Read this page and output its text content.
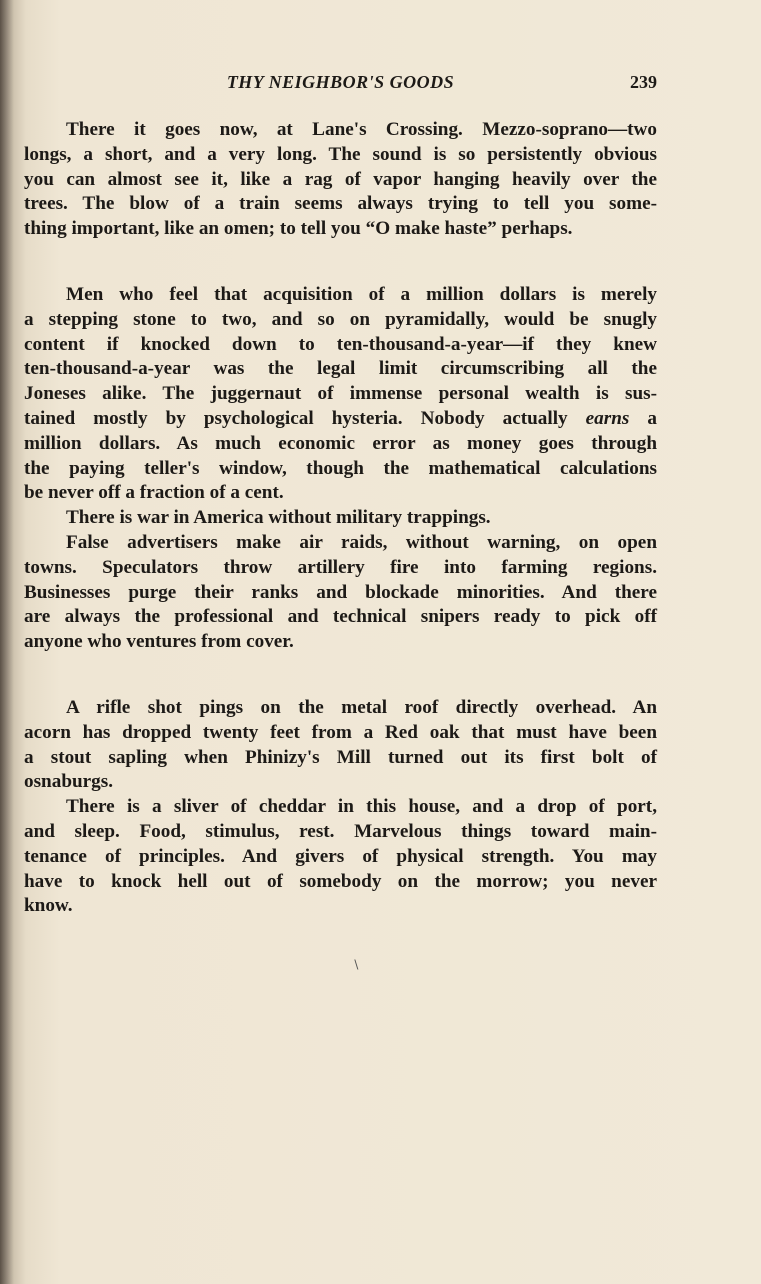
THY NEIGHBOR'S GOODS	239
There it goes now, at Lane's Crossing. Mezzo-soprano—two
longs, a short, and a very long. The sound is so persistently obvious
you can almost see it, like a rag of vapor hanging heavily over the
trees. The blow of a train seems always trying to tell you some-
thing important, like an omen; to tell you “O make haste” perhaps.
Men who feel that acquisition of a million dollars is merely
a stepping stone to two, and so on pyramidally, would be snugly
content if knocked down to ten-thousand-a-year—if they knew
ten-thousand-a-year was the legal limit circumscribing all the
Joneses alike. The juggernaut of immense personal wealth is sus-
tained mostly by psychological hysteria. Nobody actually earns a
million dollars. As much economic error as money goes through
the paying teller's window, though the mathematical calculations
be never off a fraction of a cent.
There is war in America without military trappings.
False advertisers make air raids, without warning, on open
towns. Speculators throw artillery fire into farming regions.
Businesses purge their ranks and blockade minorities. And there
are always the professional and technical snipers ready to pick off
anyone who ventures from cover.
A rifle shot pings on the metal roof directly overhead. An
acorn has dropped twenty feet from a Red oak that must have been
a stout sapling when Phinizy's Mill turned out its first bolt of
osnaburgs.
There is a sliver of cheddar in this house, and a drop of port,
and sleep. Food, stimulus, rest. Marvelous things toward main-
tenance of principles. And givers of physical strength. You may
have to knock hell out of somebody on the morrow; you never
know.
∖
